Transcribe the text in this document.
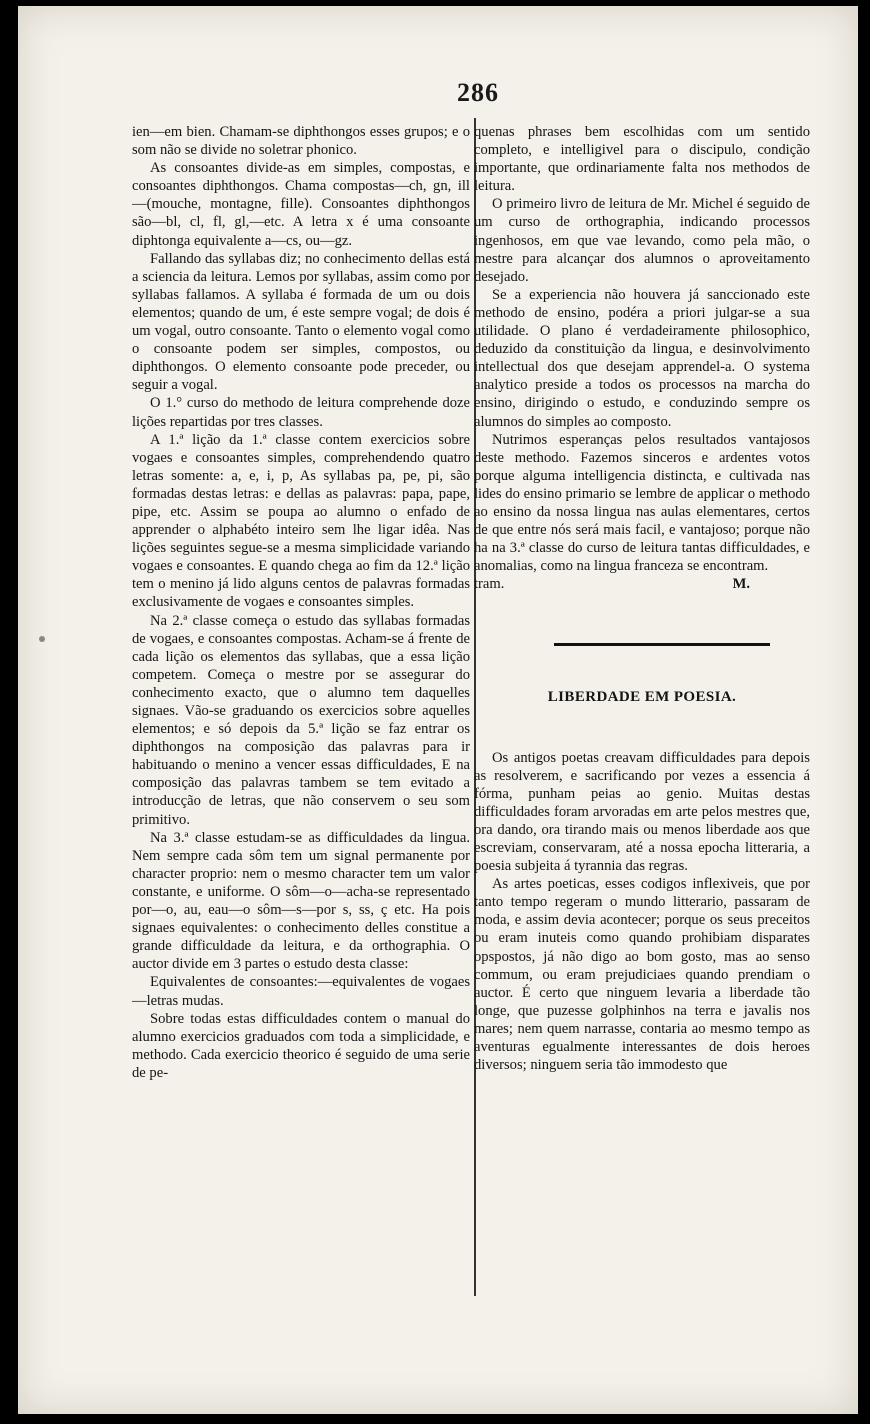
286

ien—em bien. Chamam-se diphthongos esses grupos; e o som não se divide no soletrar phonico.

As consoantes divide-as em simples, compostas, e consoantes diphthongos. Chama compostas—ch, gn, ill—(mouche, montagne, fille). Consoantes diphthongos são—bl, cl, fl, gl,—etc. A letra x é uma consoante diphtonga equivalente a—cs, ou—gz.

Fallando das syllabas diz; no conhecimento dellas está a sciencia da leitura. Lemos por syllabas, assim como por syllabas fallamos. A syllaba é formada de um ou dois elementos; quando de um, é este sempre vogal; de dois é um vogal, outro consoante. Tanto o elemento vogal como o consoante podem ser simples, compostos, ou diphthongos. O elemento consoante pode preceder, ou seguir a vogal.

O 1.° curso do methodo de leitura comprehende doze lições repartidas por tres classes.

A 1.ª lição da 1.ª classe contem exercicios sobre vogaes e consoantes simples, comprehendendo quatro letras somente: a, e, i, p, As syllabas pa, pe, pi, são formadas destas letras: e dellas as palavras: papa, pape, pipe, etc. Assim se poupa ao alumno o enfado de apprender o alphabéto inteiro sem lhe ligar idêa. Nas lições seguintes segue-se a mesma simplicidade variando vogaes e consoantes. E quando chega ao fim da 12.ª lição tem o menino já lido alguns centos de palavras formadas exclusivamente de vogaes e consoantes simples.

Na 2.ª classe começa o estudo das syllabas formadas de vogaes, e consoantes compostas. Acham-se á frente de cada lição os elementos das syllabas, que a essa lição competem. Começa o mestre por se assegurar do conhecimento exacto, que o alumno tem daquelles signaes. Vão-se graduando os exercicios sobre aquelles elementos; e só depois da 5.ª lição se faz entrar os diphthongos na composição das palavras para ir habituando o menino a vencer essas difficuldades, E na composição das palavras tambem se tem evitado a introducção de letras, que não conservem o seu som primitivo.

Na 3.ª classe estudam-se as difficuldades da lingua. Nem sempre cada sôm tem um signal permanente por character proprio: nem o mesmo character tem um valor constante, e uniforme. O sôm—o—acha-se representado por—o, au, eau—o sôm—s—por s, ss, ç etc. Ha pois signaes equivalentes: o conhecimento delles constitue a grande difficuldade da leitura, e da orthographia. O auctor divide em 3 partes o estudo desta classe:

Equivalentes de consoantes:—equivalentes de vogaes—letras mudas.

Sobre todas estas difficuldades contem o manual do alumno exercicios graduados com toda a simplicidade, e methodo. Cada exercicio theorico é seguido de uma serie de pe-

quenas phrases bem escolhidas com um sentido completo, e intelligivel para o discipulo, condição importante, que ordinariamente falta nos methodos de leitura.

O primeiro livro de leitura de Mr. Michel é seguido de um curso de orthographia, indicando processos ingenhosos, em que vae levando, como pela mão, o mestre para alcançar dos alumnos o aproveitamento desejado.

Se a experiencia não houvera já sanccionado este methodo de ensino, podéra a priori julgar-se a sua utilidade. O plano é verdadeiramente philosophico, deduzido da constituição da lingua, e desinvolvimento intellectual dos que desejam apprendel-a. O systema analytico preside a todos os processos na marcha do ensino, dirigindo o estudo, e conduzindo sempre os alumnos do simples ao composto.

Nutrimos esperanças pelos resultados vantajosos deste methodo. Fazemos sinceros e ardentes votos porque alguma intelligencia distincta, e cultivada nas lides do ensino primario se lembre de applicar o methodo ao ensino da nossa lingua nas aulas elementares, certos de que entre nós será mais facil, e vantajoso; porque não ha na 3.ª classe do curso de leitura tantas difficuldades, e anomalias, como na lingua franceza se encontram.

tram.	M.
LIBERDADE EM POESIA.

Os antigos poetas creavam difficuldades para depois as resolverem, e sacrificando por vezes a essencia á fórma, punham peias ao genio. Muitas destas difficuldades foram arvoradas em arte pelos mestres que, ora dando, ora tirando mais ou menos liberdade aos que escreviam, conservaram, até a nossa epocha litteraria, a poesia subjeita á tyrannia das regras.

As artes poeticas, esses codigos inflexiveis, que por tanto tempo regeram o mundo litterario, passaram de moda, e assim devia acontecer; porque os seus preceitos ou eram inuteis como quando prohibiam disparates opspostos, já não digo ao bom gosto, mas ao senso commum, ou eram prejudiciaes quando prendiam o auctor. É certo que ninguem levaria a liberdade tão longe, que puzesse golphinhos na terra e javalis nos mares; nem quem narrasse, contaria ao mesmo tempo as aventuras egualmente interessantes de dois heroes diversos; ninguem seria tão immodesto que
